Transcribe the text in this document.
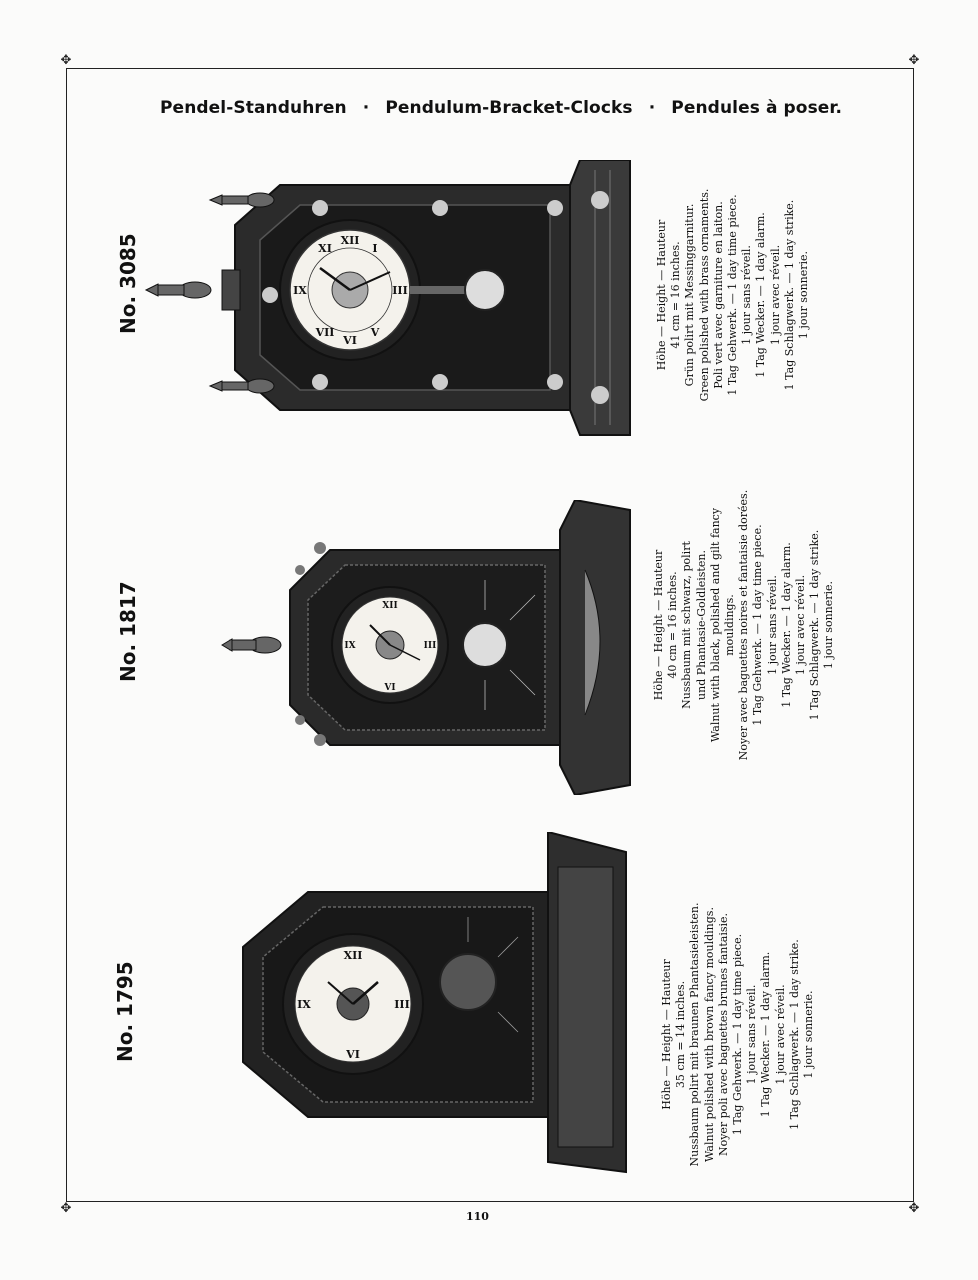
✥	✥
✥	✥
Pendel-Standuhren · Pendulum-Bracket-Clocks · Pendules à poser.
XII
VI
IX	III
XI	I
VII	V
No. 3085	Höhe — Height — Hauteur 41 cm = 16 inches. Grün polirt mit Messinggarnitur. Green polished with brass ornaments. Poli vert avec garniture en laiton. 1 Tag Gehwerk. — 1 day time piece. 1 jour sans réveil. 1 Tag Wecker. — 1 day alarm. 1 jour avec réveil. 1 Tag Schlagwerk. — 1 day strike. 1 jour sonnerie.
XII
VI
IX	III
No. 1817	Höhe — Height — Hauteur 40 cm = 16 inches. Nussbaum mit schwarz, polirt und Phantasie-Goldleisten. Walnut with black, polished and gilt fancy mouldings. Noyer avec baguettes noires et fantaisie dorées. 1 Tag Gehwerk. — 1 day time piece. 1 jour sans réveil. 1 Tag Wecker. — 1 day alarm. 1 jour avec réveil. 1 Tag Schlagwerk. — 1 day strike. 1 jour sonnerie.
XII
VI
IX	III
No. 1795	Höhe — Height — Hauteur 35 cm = 14 inches. Nussbaum polirt mit braunen Phantasieleisten. Walnut polished with brown fancy mouldings. Noyer poli avec baguettes brunes fantaisie. 1 Tag Gehwerk. — 1 day time piece. 1 jour sans réveil. 1 Tag Wecker. — 1 day alarm. 1 jour avec réveil. 1 Tag Schlagwerk. — 1 day strike. 1 jour sonnerie.
110
